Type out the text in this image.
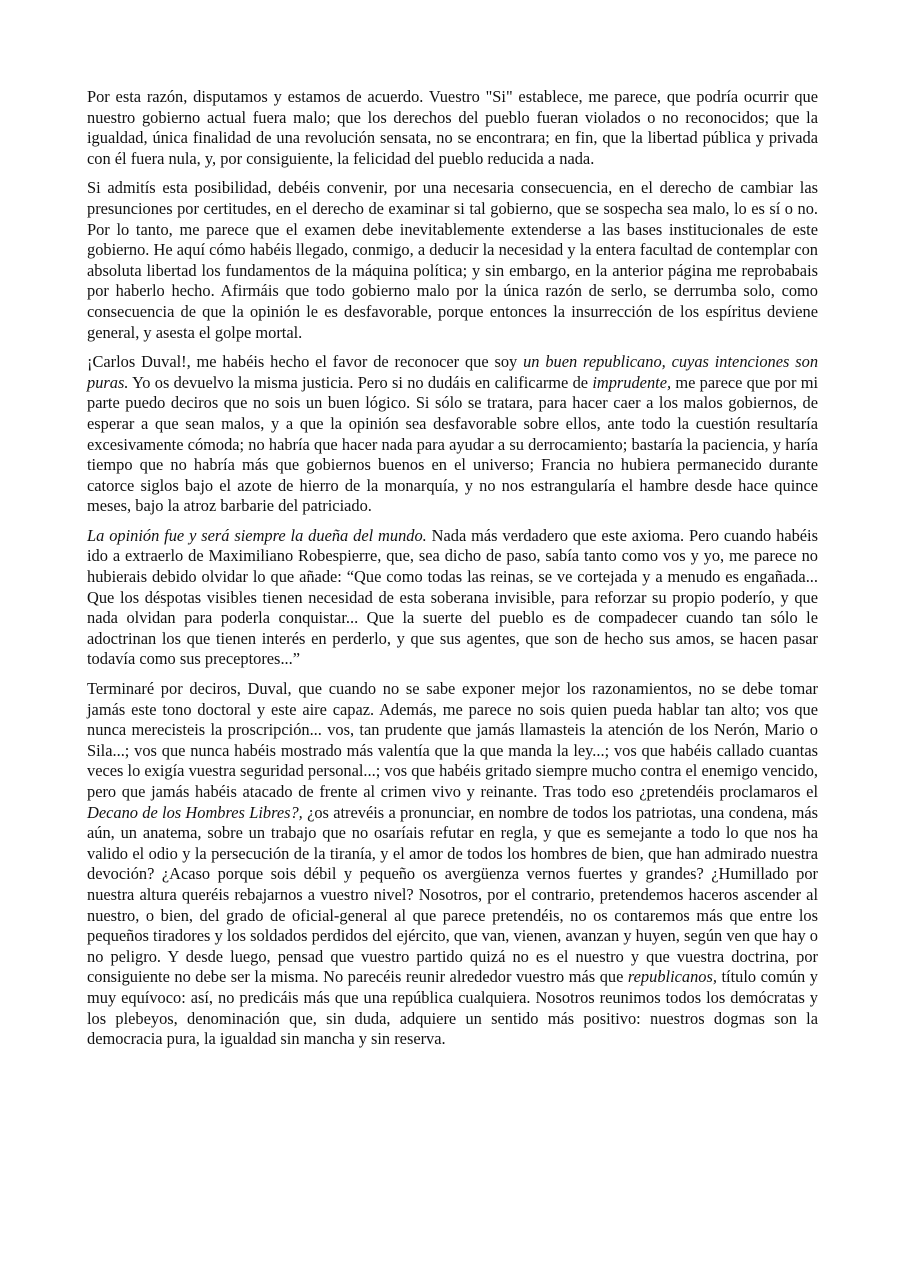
Por esta razón, disputamos y estamos de acuerdo. Vuestro "Si" establece, me parece, que podría ocurrir que nuestro gobierno actual fuera malo; que los derechos del pueblo fueran violados o no reconocidos; que la igualdad, única finalidad de una revolución sensata, no se encontrara; en fin, que la libertad pública y privada con él fuera nula, y, por consiguiente, la felicidad del pueblo reducida a nada.

Si admitís esta posibilidad, debéis convenir, por una necesaria consecuencia, en el derecho de cambiar las presunciones por certitudes, en el derecho de examinar si tal gobierno, que se sospecha sea malo, lo es sí o no. Por lo tanto, me parece que el examen debe inevitablemente extenderse a las bases institucionales de este gobierno. He aquí cómo habéis llegado, conmigo, a deducir la necesidad y la entera facultad de contemplar con absoluta libertad los fundamentos de la máquina política; y sin embargo, en la anterior página me reprobabais por haberlo hecho. Afirmáis que todo gobierno malo por la única razón de serlo, se derrumba solo, como consecuencia de que la opinión le es desfavorable, porque entonces la insurrección de los espíritus deviene general, y asesta el golpe mortal.

¡Carlos Duval!, me habéis hecho el favor de reconocer que soy un buen republicano, cuyas intenciones son puras. Yo os devuelvo la misma justicia. Pero si no dudáis en calificarme de imprudente, me parece que por mi parte puedo deciros que no sois un buen lógico. Si sólo se tratara, para hacer caer a los malos gobiernos, de esperar a que sean malos, y a que la opinión sea desfavorable sobre ellos, ante todo la cuestión resultaría excesivamente cómoda; no habría que hacer nada para ayudar a su derrocamiento; bastaría la paciencia, y haría tiempo que no habría más que gobiernos buenos en el universo; Francia no hubiera permanecido durante catorce siglos bajo el azote de hierro de la monarquía, y no nos estrangularía el hambre desde hace quince meses, bajo la atroz barbarie del patriciado.

La opinión fue y será siempre la dueña del mundo. Nada más verdadero que este axioma. Pero cuando habéis ido a extraerlo de Maximiliano Robespierre, que, sea dicho de paso, sabía tanto como vos y yo, me parece no hubierais debido olvidar lo que añade: “Que como todas las reinas, se ve cortejada y a menudo es engañada... Que los déspotas visibles tienen necesidad de esta soberana invisible, para reforzar su propio poderío, y que nada olvidan para poderla conquistar... Que la suerte del pueblo es de compadecer cuando tan sólo le adoctrinan los que tienen interés en perderlo, y que sus agentes, que son de hecho sus amos, se hacen pasar todavía como sus preceptores...”

Terminaré por deciros, Duval, que cuando no se sabe exponer mejor los razonamientos, no se debe tomar jamás este tono doctoral y este aire capaz. Además, me parece no sois quien pueda hablar tan alto; vos que nunca merecisteis la proscripción... vos, tan prudente que jamás llamasteis la atención de los Nerón, Mario o Sila...; vos que nunca habéis mostrado más valentía que la que manda la ley...; vos que habéis callado cuantas veces lo exigía vuestra seguridad personal...; vos que habéis gritado siempre mucho contra el enemigo vencido, pero que jamás habéis atacado de frente al crimen vivo y reinante. Tras todo eso ¿pretendéis proclamaros el Decano de los Hombres Libres?, ¿os atrevéis a pronunciar, en nombre de todos los patriotas, una condena, más aún, un anatema, sobre un trabajo que no osaríais refutar en regla, y que es semejante a todo lo que nos ha valido el odio y la persecución de la tiranía, y el amor de todos los hombres de bien, que han admirado nuestra devoción? ¿Acaso porque sois débil y pequeño os avergüenza vernos fuertes y grandes? ¿Humillado por nuestra altura queréis rebajarnos a vuestro nivel? Nosotros, por el contrario, pretendemos haceros ascender al nuestro, o bien, del grado de oficial-general al que parece pretendéis, no os contaremos más que entre los pequeños tiradores y los soldados perdidos del ejército, que van, vienen, avanzan y huyen, según ven que hay o no peligro. Y desde luego, pensad que vuestro partido quizá no es el nuestro y que vuestra doctrina, por consiguiente no debe ser la misma. No parecéis reunir alrededor vuestro más que republicanos, título común y muy equívoco: así, no predicáis más que una república cualquiera. Nosotros reunimos todos los demócratas y los plebeyos, denominación que, sin duda, adquiere un sentido más positivo: nuestros dogmas son la democracia pura, la igualdad sin mancha y sin reserva.
